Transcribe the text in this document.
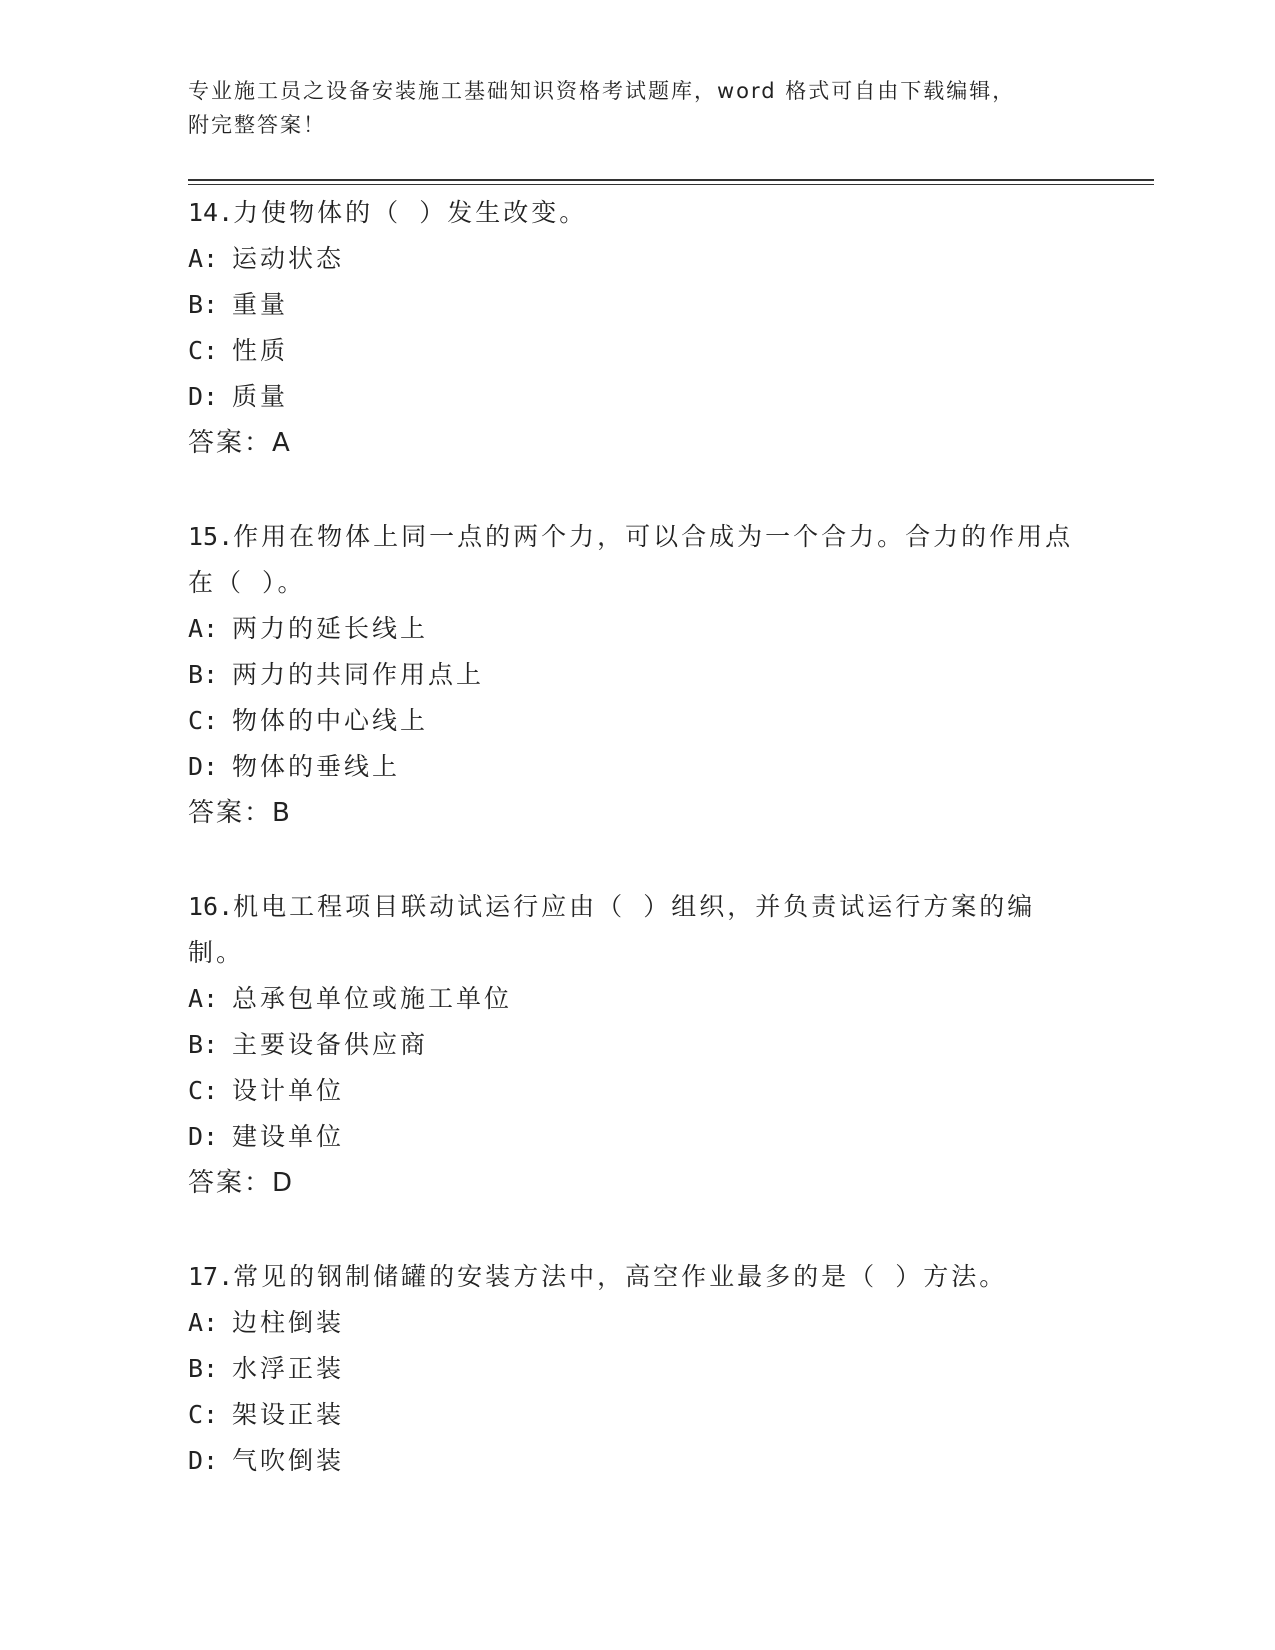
专业施工员之设备安装施工基础知识资格考试题库，word 格式可自由下载编辑，
附完整答案！

14.力使物体的（ ）发生改变。

A: 运动状态
B: 重量
C: 性质
D: 质量
答案：A

15.作用在物体上同一点的两个力，可以合成为一个合力。合力的作用点在（ ）。

A: 两力的延长线上
B: 两力的共同作用点上
C: 物体的中心线上
D: 物体的垂线上
答案：B

16.机电工程项目联动试运行应由（ ）组织，并负责试运行方案的编制。

A: 总承包单位或施工单位
B: 主要设备供应商
C: 设计单位
D: 建设单位
答案：D

17.常见的钢制储罐的安装方法中，高空作业最多的是（ ）方法。

A: 边柱倒装
B: 水浮正装
C: 架设正装
D: 气吹倒装
